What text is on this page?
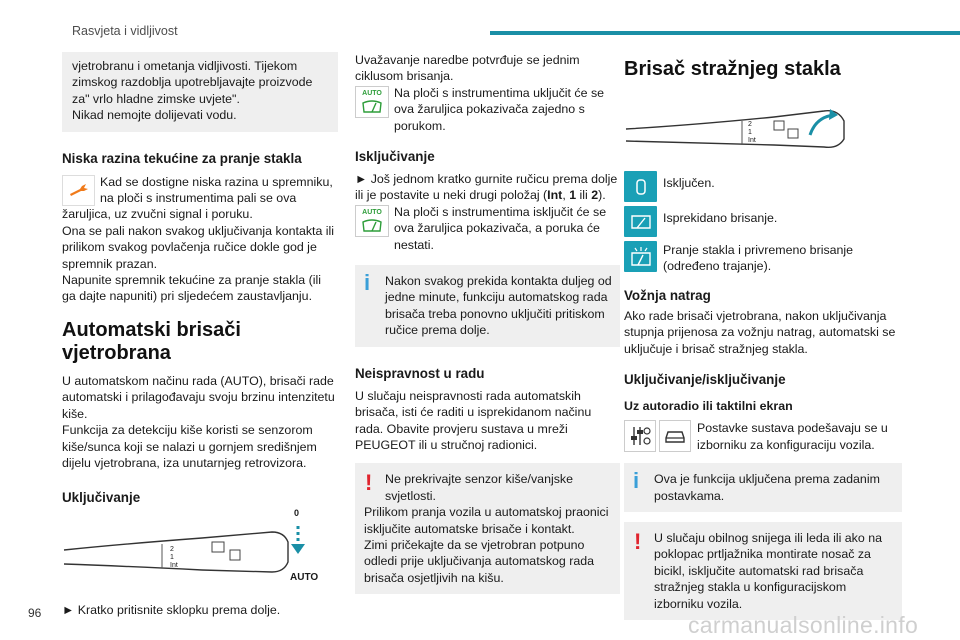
Rasvjeta i vidljivost

vjetrobranu i ometanja vidljivosti. Tijekom zimskog razdoblja upotrebljavajte proizvode za" vrlo hladne zimske uvjete".

Nikad nemojte dolijevati vodu.

Niska razina tekućine za pranje stakla

Kad se dostigne niska razina u spremniku, na ploči s instrumentima pali se ova žaruljica, uz zvučni signal i poruku.

Ona se pali nakon svakog uključivanja kontakta ili prilikom svakog povlačenja ručice dokle god je spremnik prazan.

Napunite spremnik tekućine za pranje stakla (ili ga dajte napuniti) pri sljedećem zaustavljanju.

Automatski brisači vjetrobrana

U automatskom načinu rada (AUTO), brisači rade automatski i prilagođavaju svoju brzinu intenzitetu kiše.

Funkcija za detekciju kiše koristi se senzorom kiše/sunca koji se nalazi u gornjem središnjem dijelu vjetrobrana, iza unutarnjeg retrovizora.

Uključivanje
2
1
Int
0
AUTO

► Kratko pritisnite sklopku prema dolje.

Uvažavanje naredbe potvrđuje se jednim ciklusom brisanja.

AUTO Na ploči s instrumentima uključit će se ova žaruljica pokazivača zajedno s porukom.

Isključivanje

► Još jednom kratko gurnite ručicu prema dolje ili je postavite u neki drugi položaj (Int, 1 ili 2).

AUTO Na ploči s instrumentima isključit će se ova žaruljica pokazivača, a poruka će nestati.

i Nakon svakog prekida kontakta duljeg od jedne minute, funkciju automatskog rada brisača treba ponovno uključiti pritiskom ručice prema dolje.

Neispravnost u radu

U slučaju neispravnosti rada automatskih brisača, isti će raditi u isprekidanom načinu rada. Obavite provjeru sustava u mreži PEUGEOT ili u stručnoj radionici.

! Ne prekrivajte senzor kiše/vanjske svjetlosti.

Prilikom pranja vozila u automatskoj praonici isključite automatske brisače i kontakt.

Zimi pričekajte da se vjetrobran potpuno odledi prije uključivanja automatskog rada brisača osjetljivih na kišu.

Brisač stražnjeg stakla
2
1
Int

Isključen.

Isprekidano brisanje.

Pranje stakla i privremeno brisanje (određeno trajanje).

Vožnja natrag

Ako rade brisači vjetrobrana, nakon uključivanja stupnja prijenosa za vožnju natrag, automatski se uključuje i brisač stražnjeg stakla.

Uključivanje/isključivanje

Uz autoradio ili taktilni ekran

Postavke sustava podešavaju se u izborniku za konfiguraciju vozila.

i Ova je funkcija uključena prema zadanim postavkama.

! U slučaju obilnog snijega ili leda ili ako na poklopac prtljažnika montirate nosač za bicikl, isključite automatski rad brisača stražnjeg stakla u konfiguracijskom izborniku vozila.

96	carmanualsonline.info
